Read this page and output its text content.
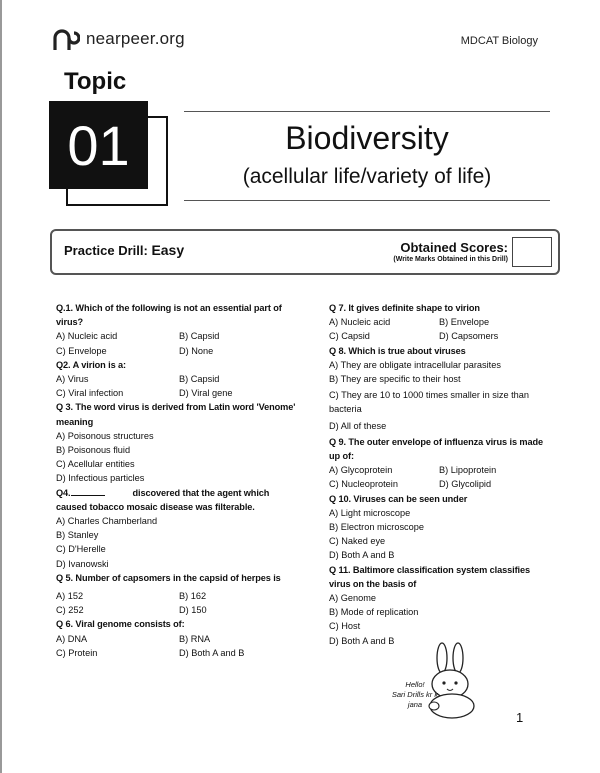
nearpeer.org	MDCAT Biology
Topic
01	Biodiversity
(acellular life/variety of life)
Practice Drill: Easy	Obtained Scores:
(Write Marks Obtained in this Drill)
Q.1. Which of the following is not an essential part of virus?
A) Nucleic acid	B) Capsid
C) Envelope	D) None
Q2. A virion is a:
A) Virus	B) Capsid
C) Viral infection	D) Viral gene
Q 3. The word virus is derived from Latin word 'Venome' meaning
A) Poisonous structures
B) Poisonous fluid
C) Acellular entities
D) Infectious particles
Q4.	discovered that the agent which caused tobacco mosaic disease was filterable.
A) Charles Chamberland
B) Stanley
C) D'Herelle
D) Ivanowski
Q 5. Number of capsomers in the capsid of herpes is
A) 152	B) 162
C) 252	D) 150
Q 6. Viral genome consists of:
A) DNA	B) RNA
C) Protein	D) Both A and B
Q 7. It gives definite shape to virion
A) Nucleic acid	B) Envelope
C) Capsid	D) Capsomers
Q 8. Which is true about viruses
A) They are obligate intracellular parasites
B) They are specific to their host
C) They are 10 to 1000 times smaller in size than bacteria
D) All of these
Q 9. The outer envelope of influenza virus is made up of:
A) Glycoprotein	B) Lipoprotein
C) Nucleoprotein	D) Glycolipid
Q 10. Viruses can be seen under
A) Light microscope
B) Electron microscope
C) Naked eye
D) Both A and B
Q 11. Baltimore classification system classifies virus on the basis of
A) Genome
B) Mode of replication
C) Host
D) Both A and B
Hello!
Sari Drills kr k jana
1
